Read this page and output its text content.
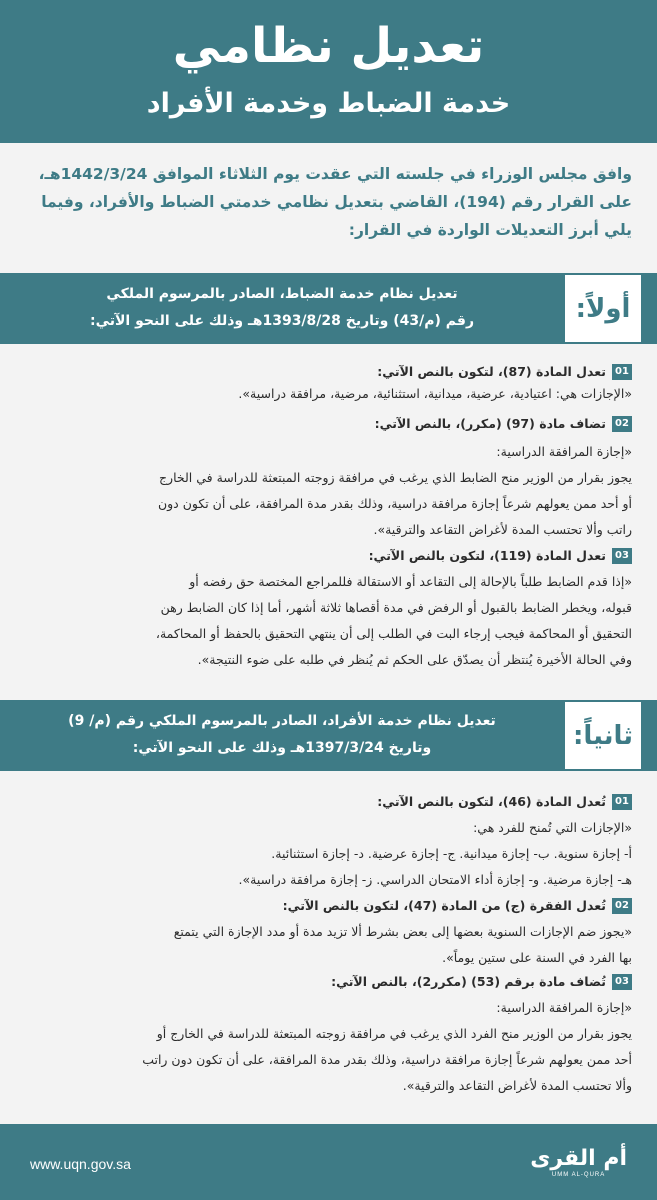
تعديل نظامي
خدمة الضباط وخدمة الأفراد

وافق مجلس الوزراء في جلسته التي عقدت يوم الثلاثاء الموافق 1442/3/24هـ،

على القرار رقم (194)، القاضي بتعديل نظامي خدمتي الضباط والأفراد، وفيما

يلي أبرز التعديلات الواردة في القرار:

أولاً:
تعديل نظام خدمة الضباط، الصادر بالمرسوم الملكي
رقم (م/43) وتاريخ 1393/8/28هـ وذلك على النحو الآتي:
01
تعدل المادة (87)، لتكون بالنص الآتي:
«الإجازات هي: اعتيادية، عرضية، ميدانية، استثنائية، مرضية، مرافقة دراسية».
02
تضاف مادة (97) (مكرر)، بالنص الآتي:
«إجازة المرافقة الدراسية:
يجوز بقرار من الوزير منح الضابط الذي يرغب في مرافقة زوجته المبتعثة للدراسة في الخارج
أو أحد ممن يعولهم شرعاً إجازة مرافقة دراسية، وذلك بقدر مدة المرافقة، على أن تكون دون
راتب وألا تحتسب المدة لأغراض التقاعد والترقية».
03
تعدل المادة (119)، لتكون بالنص الآتي:
«إذا قدم الضابط طلباً بالإحالة إلى التقاعد أو الاستقالة فللمراجع المختصة حق رفضه أو
قبوله، ويخطر الضابط بالقبول أو الرفض في مدة أقصاها ثلاثة أشهر، أما إذا كان الضابط رهن
التحقيق أو المحاكمة فيجب إرجاء البت في الطلب إلى أن ينتهي التحقيق بالحفظ أو المحاكمة،
وفي الحالة الأخيرة يُنتظر أن يصدّق على الحكم ثم يُنظر في طلبه على ضوء النتيجة».
ثانياً:
تعديل نظام خدمة الأفراد، الصادر بالمرسوم الملكي رقم (م/ 9)
وتاريخ 1397/3/24هـ وذلك على النحو الآتي:
01
تُعدل المادة (46)، لتكون بالنص الآتي:
«الإجازات التي تُمنح للفرد هي:
أ- إجازة سنوية. ب- إجازة ميدانية. ج- إجازة عرضية. د- إجازة استثنائية.
هـ- إجازة مرضية. و- إجازة أداء الامتحان الدراسي. ز- إجازة مرافقة دراسية».
02
تُعدل الفقرة (ج) من المادة (47)، لتكون بالنص الآتي:
«يجوز ضم الإجازات السنوية بعضها إلى بعض بشرط ألا تزيد مدة أو مدد الإجازة التي يتمتع
بها الفرد في السنة على ستين يوماً».
03
تُضاف مادة برقم (53) (مكرر2)، بالنص الآتي:
«إجازة المرافقة الدراسية:
يجوز بقرار من الوزير منح الفرد الذي يرغب في مرافقة زوجته المبتعثة للدراسة في الخارج أو
أحد ممن يعولهم شرعاً إجازة مرافقة دراسية، وذلك بقدر مدة المرافقة، على أن تكون دون راتب
وألا تحتسب المدة لأغراض التقاعد والترقية».
www.uqn.gov.sa	أم القرى
UMM AL-QURA
